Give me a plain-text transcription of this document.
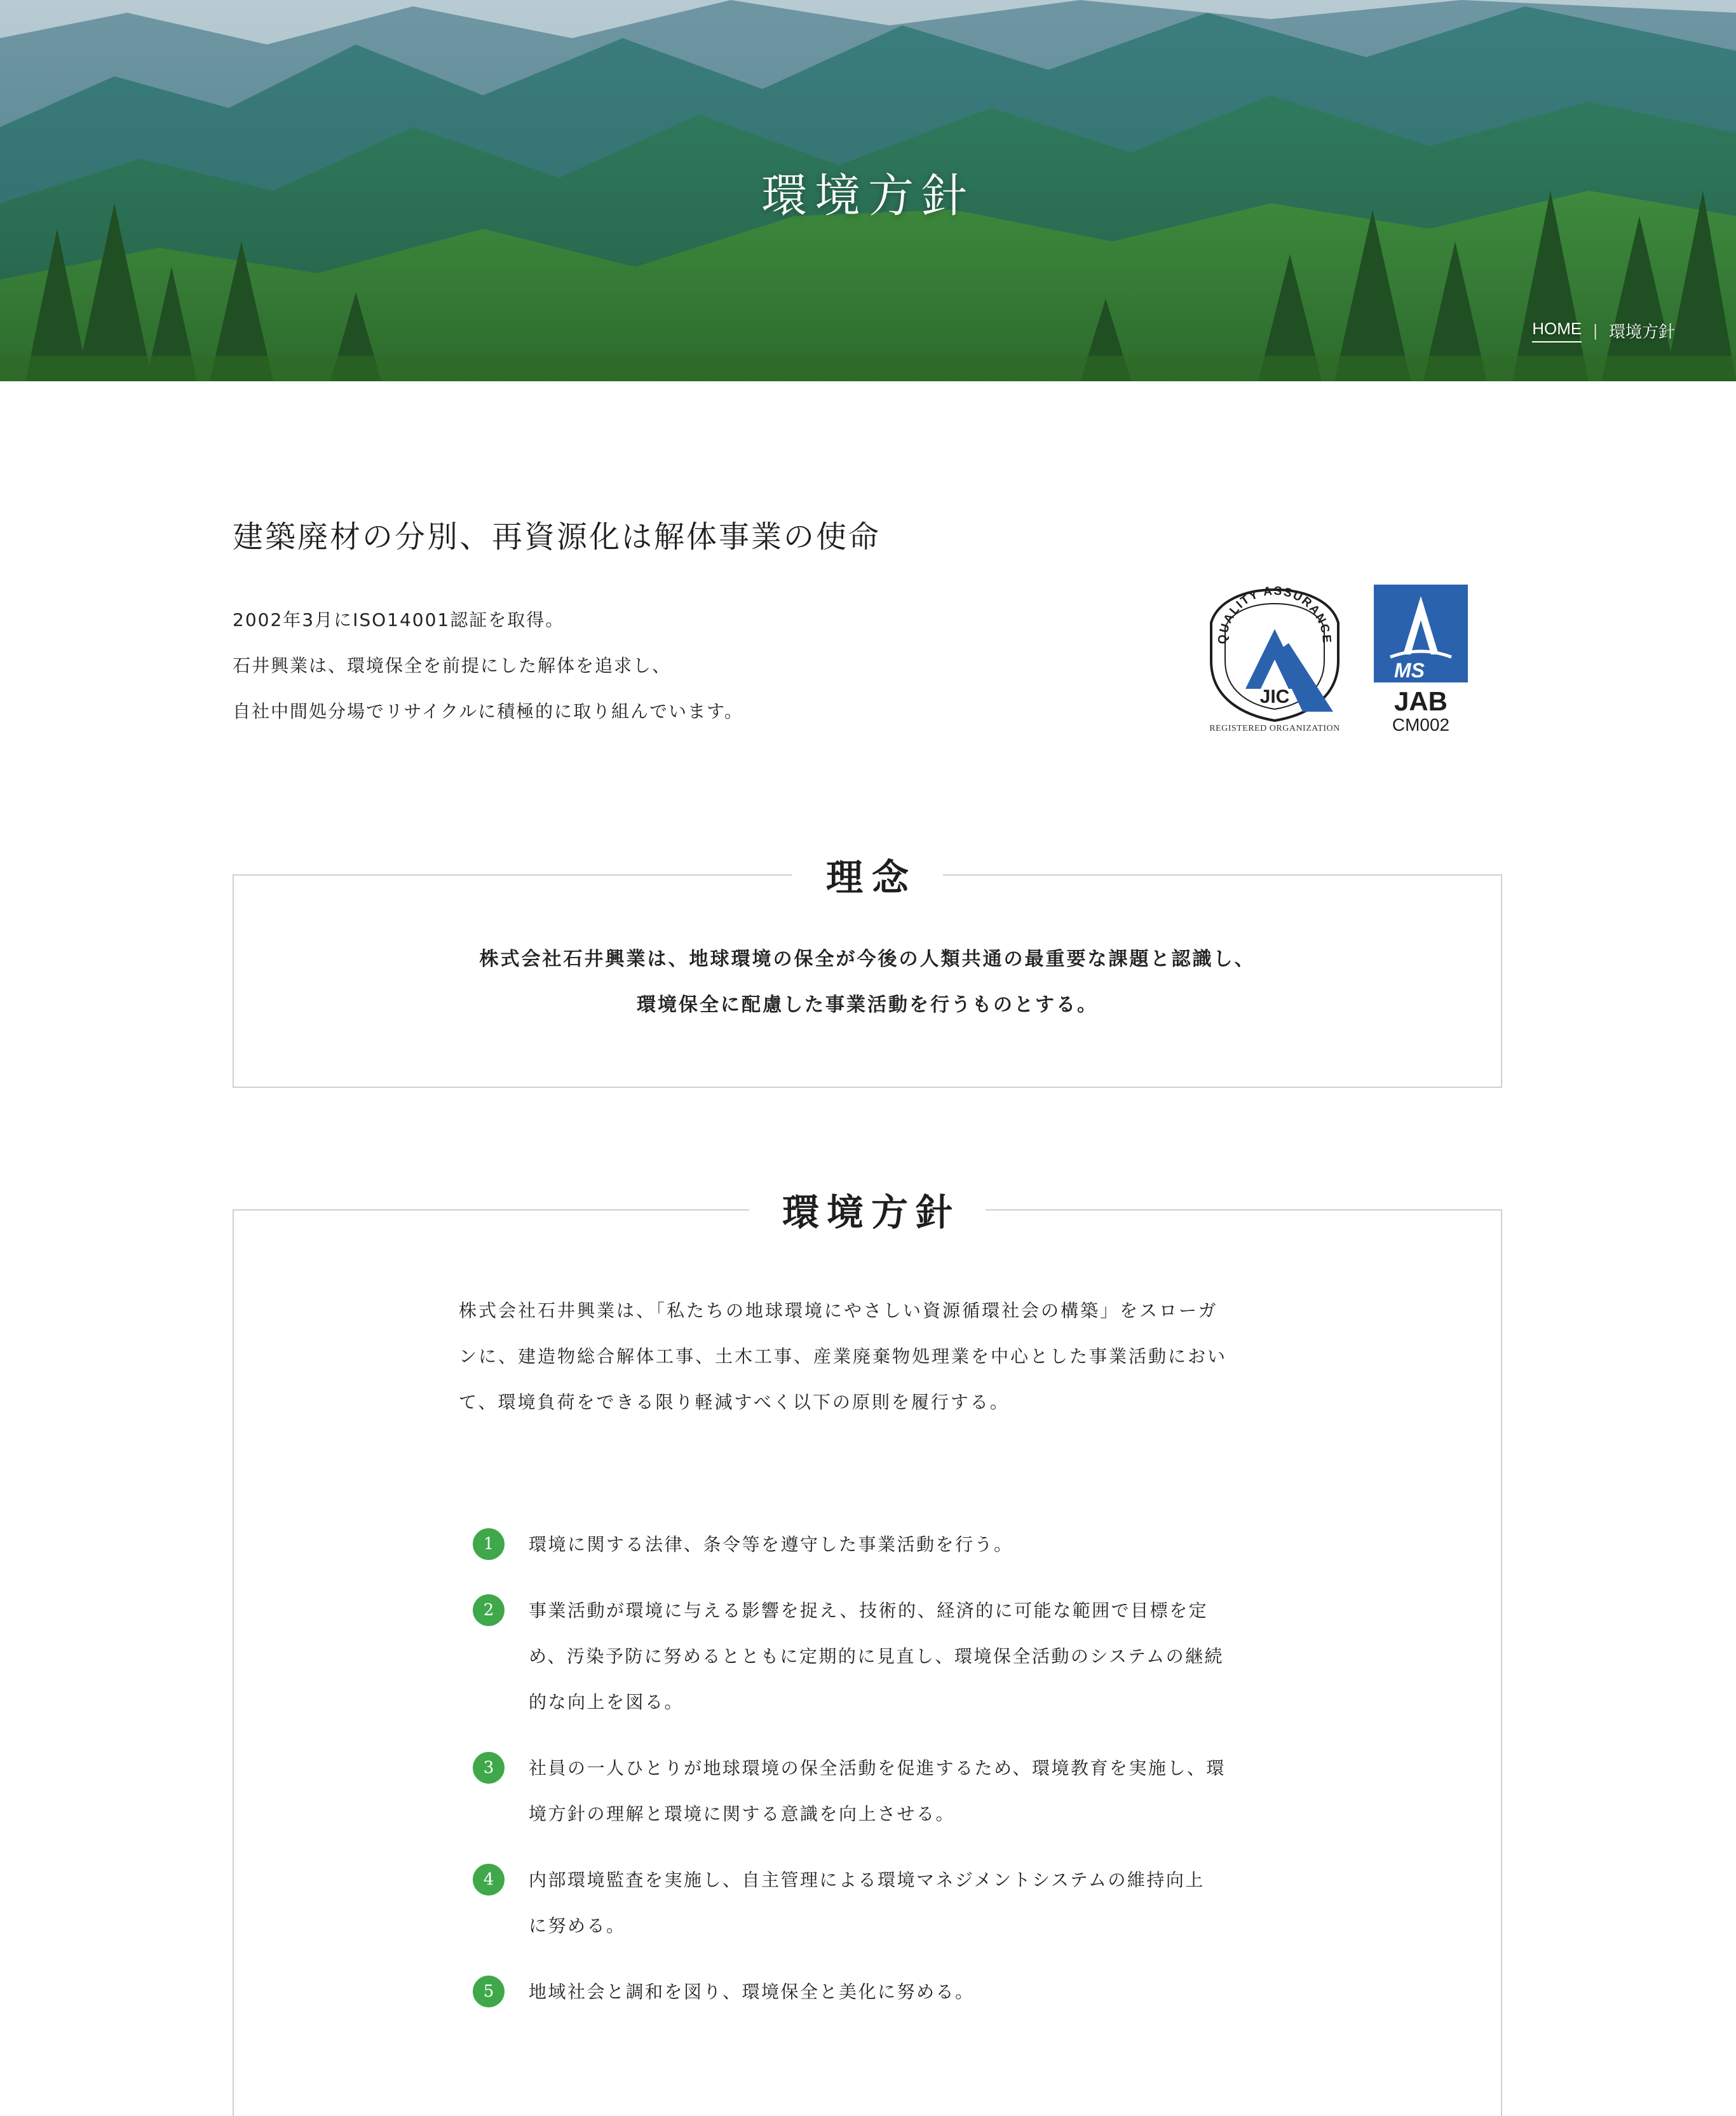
環境方針
HOME | 環境方針
建築廃材の分別、再資源化は解体事業の使命
2002年3月にISO14001認証を取得。
石井興業は、環境保全を前提にした解体を追求し、
自社中間処分場でリサイクルに積極的に取り組んでいます。
QUALITY ASSURANCE
JIC
REGISTERED ORGANIZATION
MS
JAB
CM002
理念
株式会社石井興業は、地球環境の保全が今後の人類共通の最重要な課題と認識し、
環境保全に配慮した事業活動を行うものとする。
環境方針
株式会社石井興業は、「私たちの地球環境にやさしい資源循環社会の構築」をスローガ
ンに、建造物総合解体工事、土木工事、産業廃棄物処理業を中心とした事業活動におい
て、環境負荷をできる限り軽減すべく以下の原則を履行する。
1	環境に関する法律、条令等を遵守した事業活動を行う。
2	事業活動が環境に与える影響を捉え、技術的、経済的に可能な範囲で目標を定
め、汚染予防に努めるとともに定期的に見直し、環境保全活動のシステムの継続
的な向上を図る。
3	社員の一人ひとりが地球環境の保全活動を促進するため、環境教育を実施し、環
境方針の理解と環境に関する意識を向上させる。
4	内部環境監査を実施し、自主管理による環境マネジメントシステムの維持向上
に努める。
5	地域社会と調和を図り、環境保全と美化に努める。
